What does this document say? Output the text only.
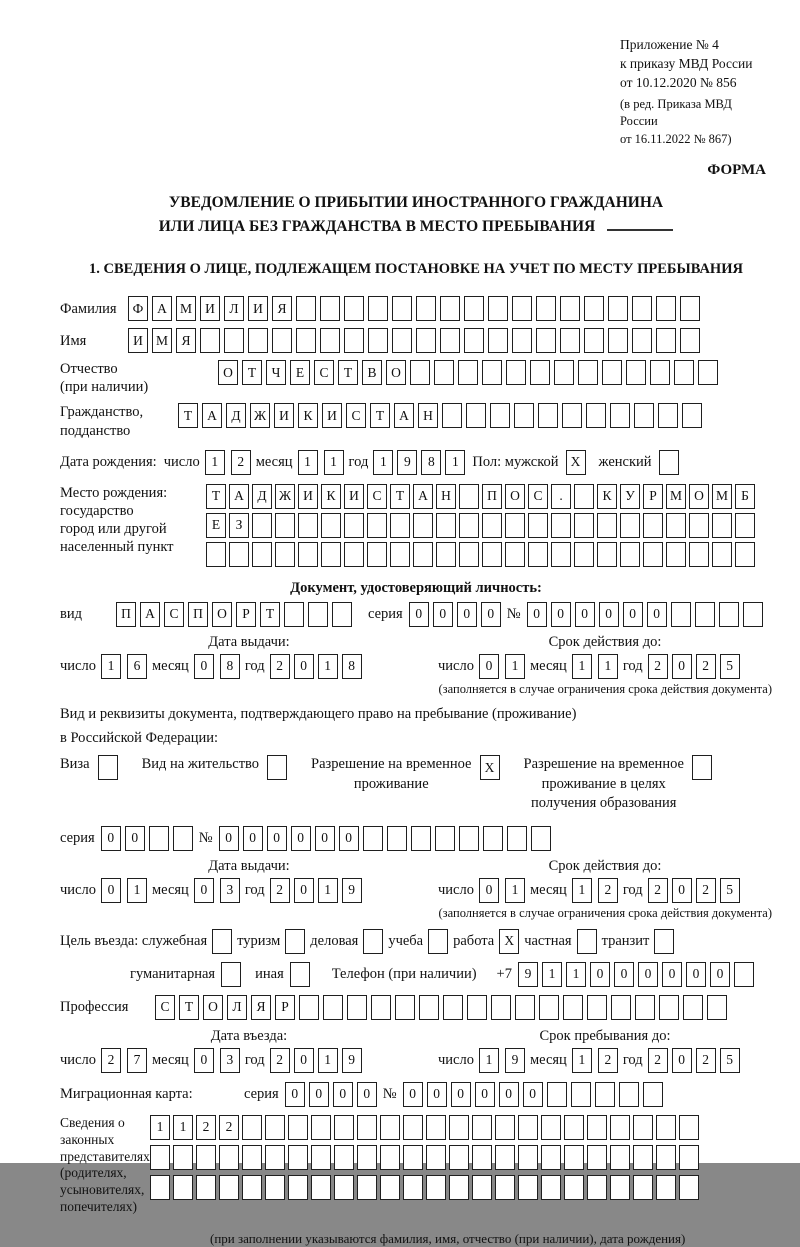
Приложение № 4
к приказу МВД России
от 10.12.2020 № 856
(в ред. Приказа МВД России
от 16.11.2022 № 867)
ФОРМА
УВЕДОМЛЕНИЕ О ПРИБЫТИИ ИНОСТРАННОГО ГРАЖДАНИНА
ИЛИ ЛИЦА БЕЗ ГРАЖДАНСТВА В МЕСТО ПРЕБЫВАНИЯ
1. СВЕДЕНИЯ О ЛИЦЕ, ПОДЛЕЖАЩЕМ ПОСТАНОВКЕ НА УЧЕТ ПО МЕСТУ ПРЕБЫВАНИЯ
Фамилия	Ф	А М И	Л	И	Я
Имя	И М Я
Отчество
(при наличии)
О	Т	Ч	Е	С	Т	В	О
Гражданство,
подданство
Т	А	Д Ж И	К	И	С	Т	А	Н
Дата рождения: число 1	2 месяц 1	1 год 1	9	8	1 Пол: мужской X	женский
Место рождения:
государство
город или другой
населенный пункт
Т	А	Д Ж И	К	И	С	Т	А Н	П О	С	.	К	У	Р М О М Б

Е	З

Документ, удостоверяющий личность:
вид	П	А	С	П	О	Р	Т	серия 0	0	0	0 № 0	0	0	0	0	0
Дата выдачи:
число 1	6 месяц 0	8 год 2	0	1	8
Срок действия до:
число 0	1 месяц 1	1 год 2	0	2	5
(заполняется в случае ограничения срока действия документа)
Вид и реквизиты документа, подтверждающего право на пребывание (проживание)
в Российской Федерации:
Виза	Вид на жительство	Разрешение на временное
проживание
X	Разрешение на временное
проживание в целях
получения образования
серия 0	0	№ 0	0	0	0	0	0
Дата выдачи:
число 0	1 месяц 0	3 год 2	0	1	9
Срок действия до:
число 0	1 месяц 1	2 год 2	0	2	5
(заполняется в случае ограничения срока действия документа)
Цель въезда: служебная туризм деловая учеба работа X частная транзит
гуманитарная	иная	Телефон (при наличии) +7 9	1	1	0	0	0	0	0	0
Профессия	С	Т	О	Л	Я	Р
Дата въезда:
число 2	7 месяц 0	3 год 2	0	1	9
Срок пребывания до:
число 1	9 месяц 1	2 год 2	0	2	5
Миграционная карта:	серия 0	0	0	0 № 0	0	0	0	0	0
Сведения о
законных
представителях
(родителях,
усыновителях,
попечителях)
1	1	2	2

(при заполнении указываются фамилия, имя, отчество (при наличии), дата рождения)
